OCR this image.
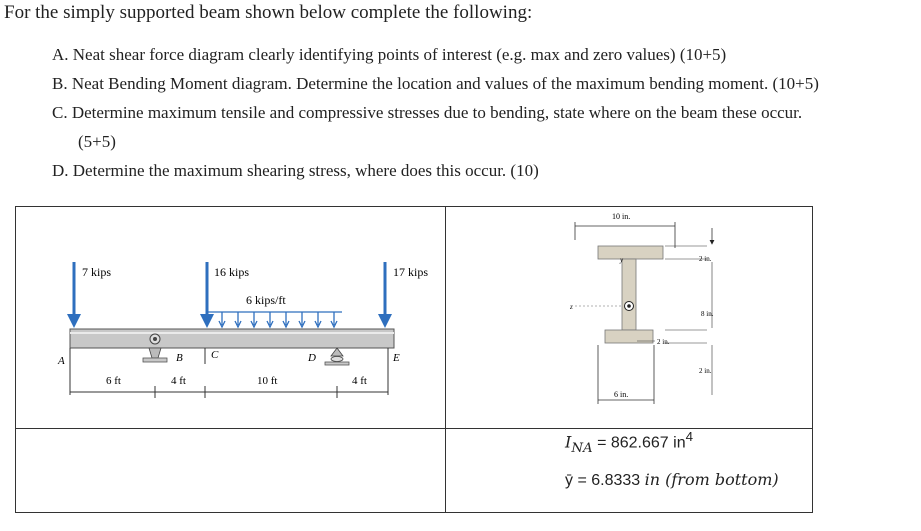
For the simply supported beam shown below complete the following:
A. Neat shear force diagram clearly identifying points of interest (e.g. max and zero values) (10+5)
B. Neat Bending Moment diagram. Determine the location and values of the maximum bending moment. (10+5)
C. Determine maximum tensile and compressive stresses due to bending, state where on the beam these occur.
(5+5)
D. Determine the maximum shearing stress, where does this occur. (10)
A	B	C	D	E
7 kips	16 kips
6 kips/ft
17 kips
6 ft	4 ft	10 ft	4 ft
z
y
10 in.
2 in.
8 in.
2 in.
2 in.
6 in.
$I_{NA} = 862.667$ $in^4$
ȳ = 6.8333 in (from bottom)
